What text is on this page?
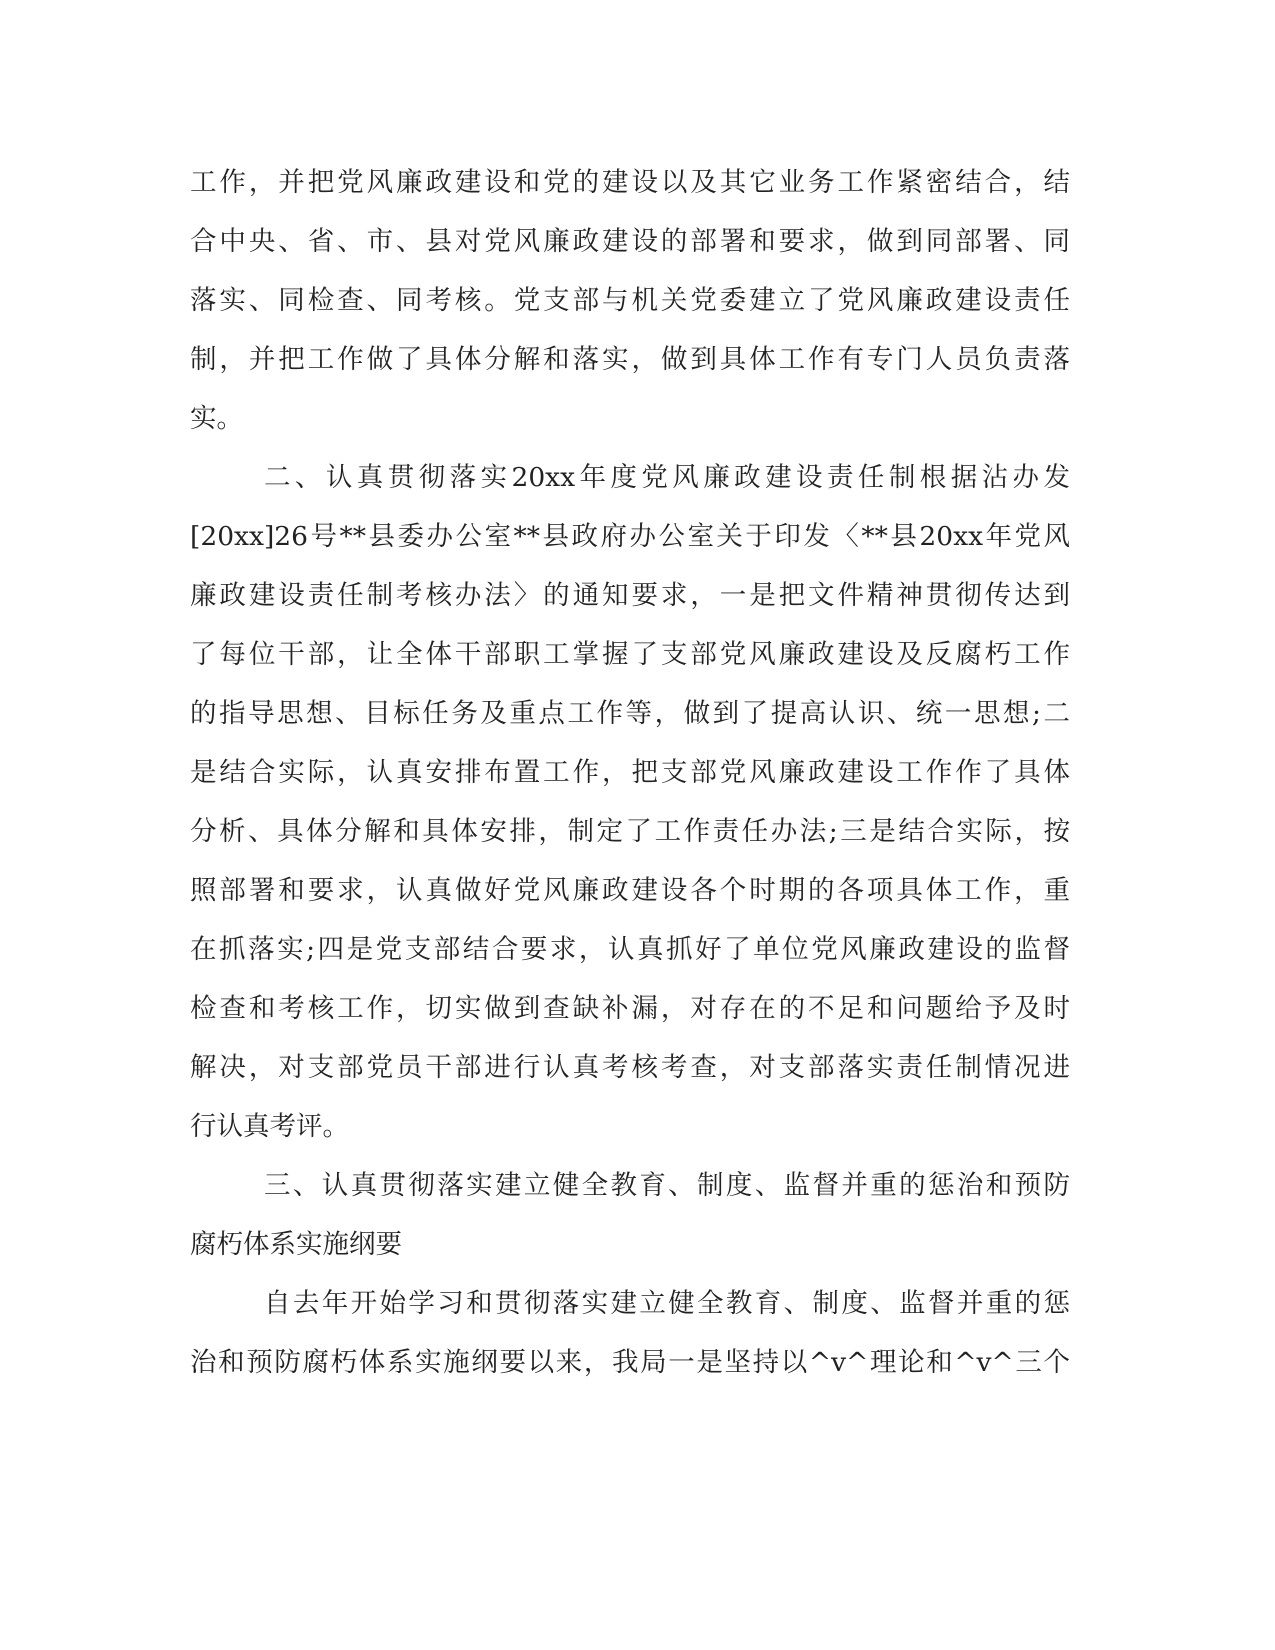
工作，并把党风廉政建设和党的建设以及其它业务工作紧密结合，结
合中央、省、市、县对党风廉政建设的部署和要求，做到同部署、同
落实、同检查、同考核。党支部与机关党委建立了党风廉政建设责任
制，并把工作做了具体分解和落实，做到具体工作有专门人员负责落
实。
二、认真贯彻落实20xx年度党风廉政建设责任制根据沾办发
[20xx]26号**县委办公室**县政府办公室关于印发〈**县20xx年党风
廉政建设责任制考核办法〉的通知要求，一是把文件精神贯彻传达到
了每位干部，让全体干部职工掌握了支部党风廉政建设及反腐朽工作
的指导思想、目标任务及重点工作等，做到了提高认识、统一思想;二
是结合实际，认真安排布置工作，把支部党风廉政建设工作作了具体
分析、具体分解和具体安排，制定了工作责任办法;三是结合实际，按
照部署和要求，认真做好党风廉政建设各个时期的各项具体工作，重
在抓落实;四是党支部结合要求，认真抓好了单位党风廉政建设的监督
检查和考核工作，切实做到查缺补漏，对存在的不足和问题给予及时
解决，对支部党员干部进行认真考核考查，对支部落实责任制情况进
行认真考评。
三、认真贯彻落实建立健全教育、制度、监督并重的惩治和预防
腐朽体系实施纲要
自去年开始学习和贯彻落实建立健全教育、制度、监督并重的惩
治和预防腐朽体系实施纲要以来，我局一是坚持以^v^理论和^v^三个
